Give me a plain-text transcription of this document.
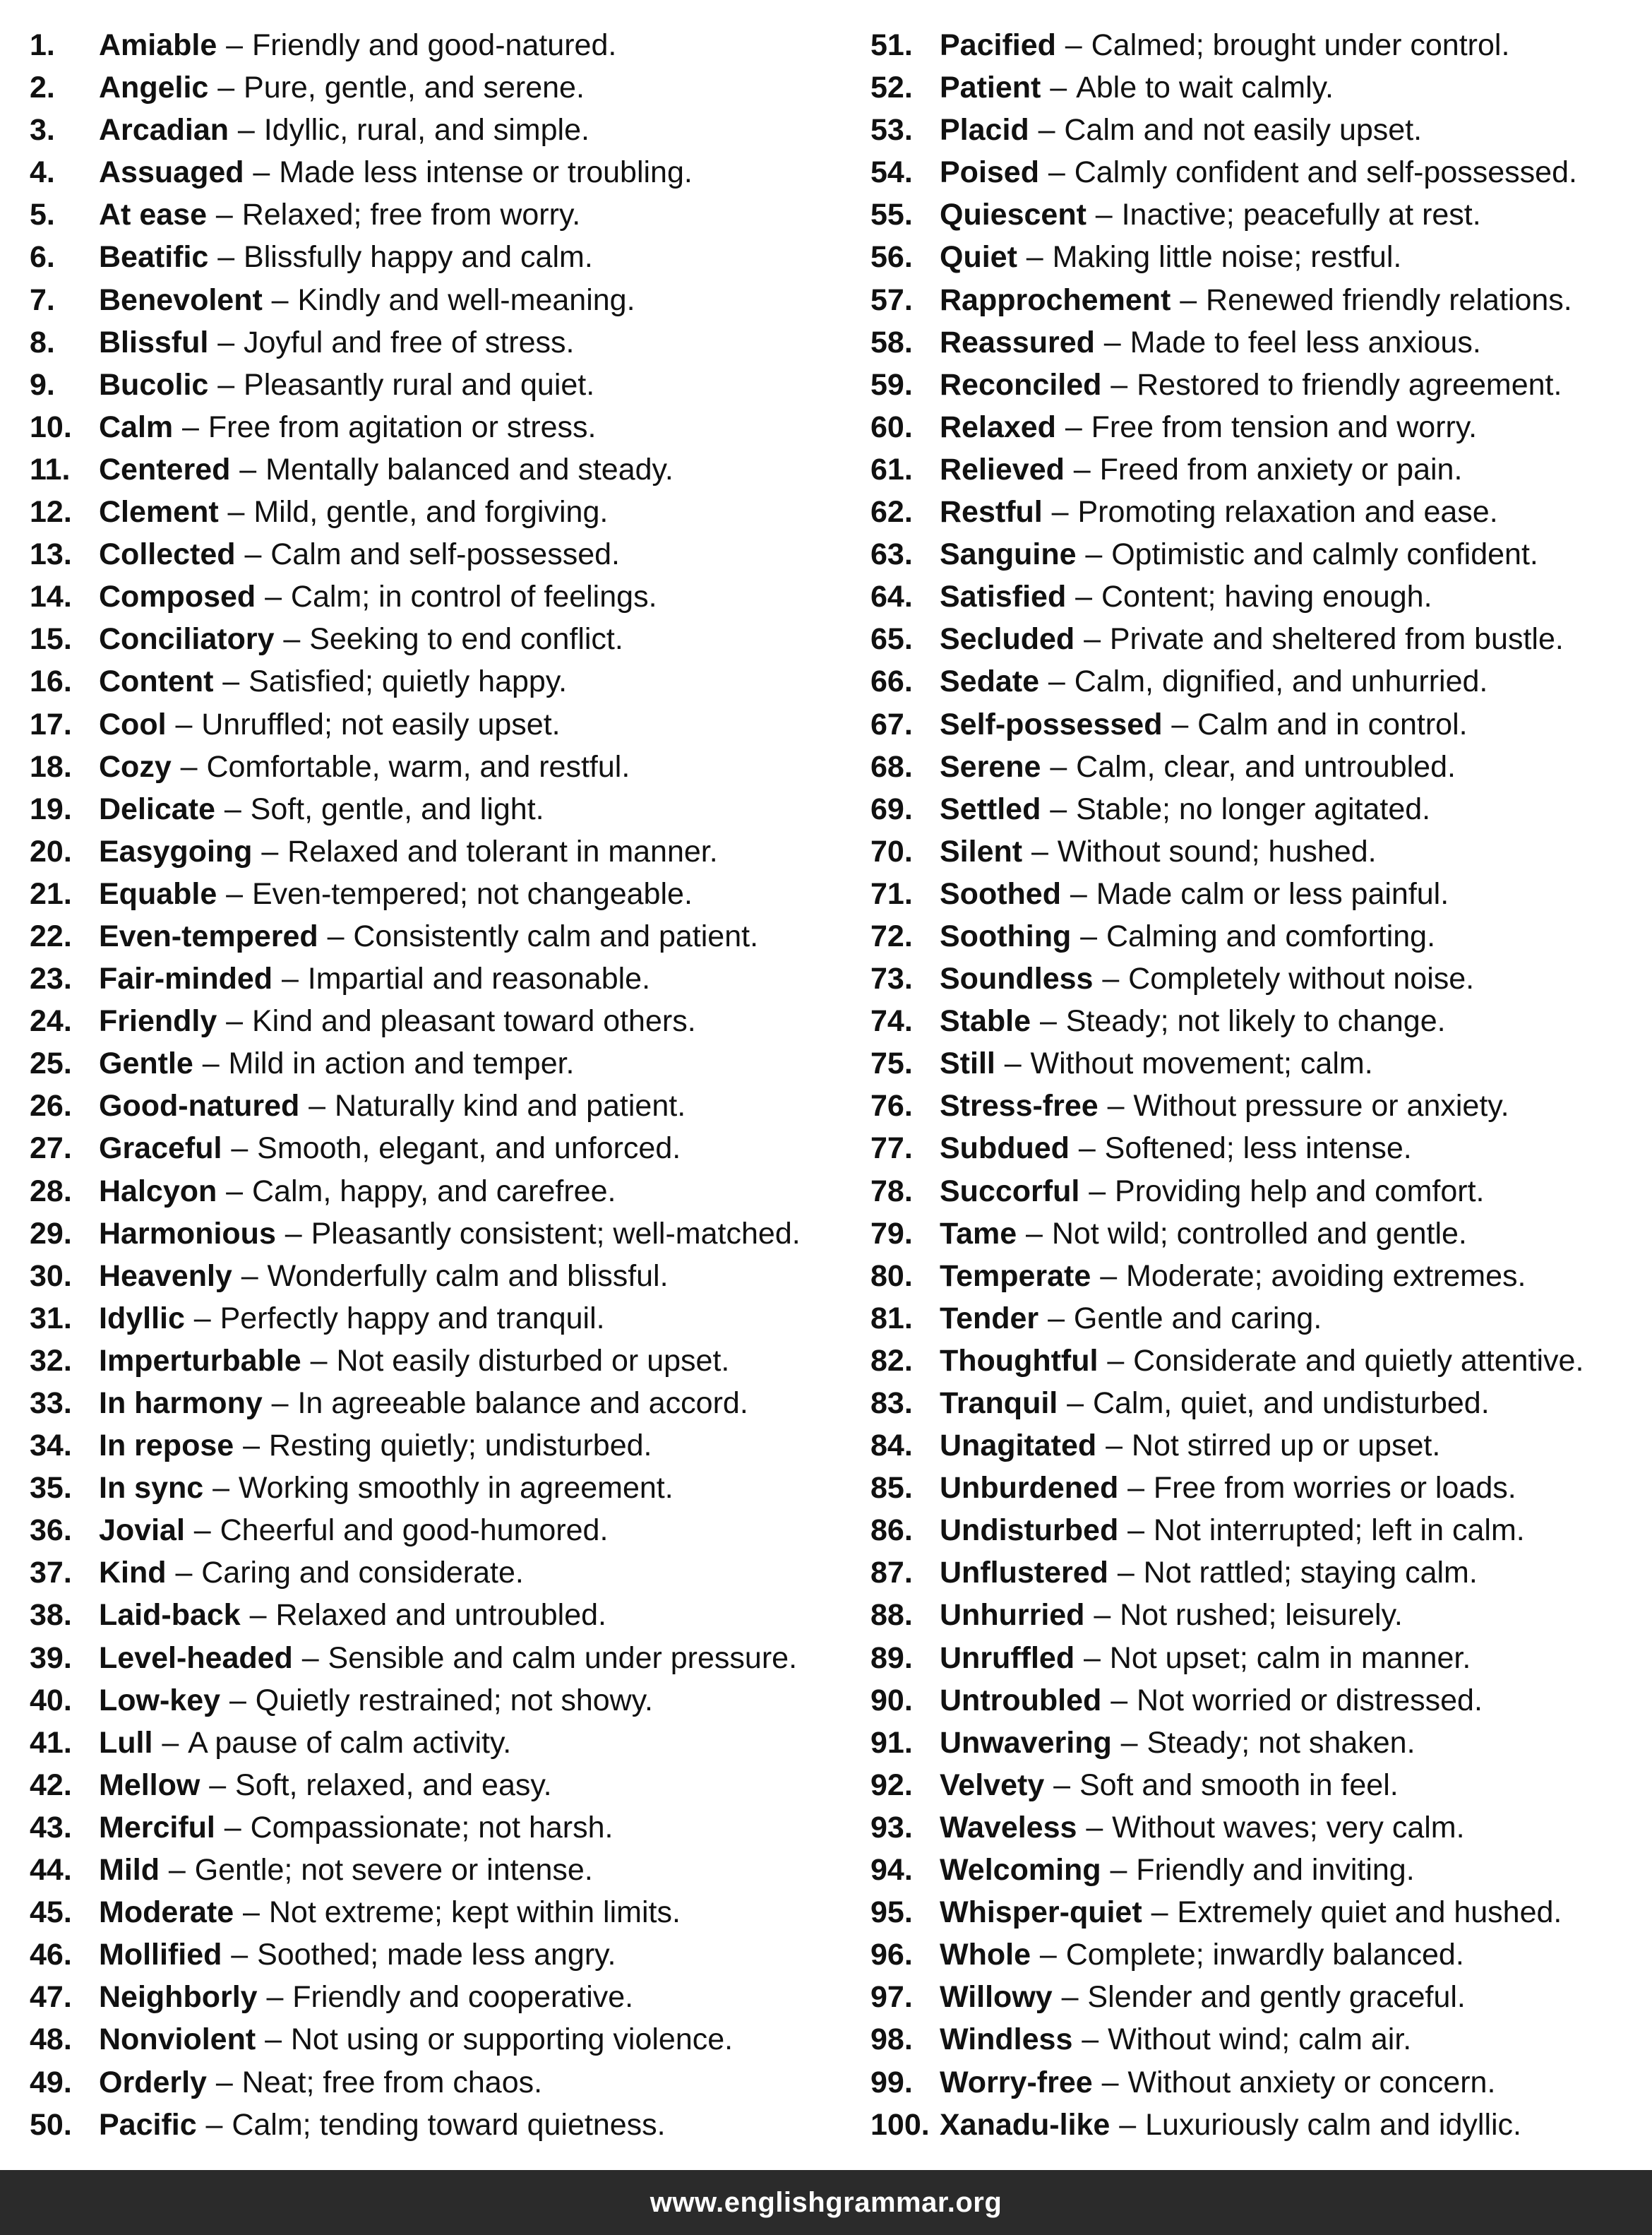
1.	Amiable – Friendly and good-natured.
2.	Angelic – Pure, gentle, and serene.
3.	Arcadian – Idyllic, rural, and simple.
4.	Assuaged – Made less intense or troubling.
5.	At ease – Relaxed; free from worry.
6.	Beatific – Blissfully happy and calm.
7.	Benevolent – Kindly and well-meaning.
8.	Blissful – Joyful and free of stress.
9.	Bucolic – Pleasantly rural and quiet.
10. Calm – Free from agitation or stress.
11. Centered – Mentally balanced and steady.
12. Clement – Mild, gentle, and forgiving.
13. Collected – Calm and self-possessed.
14. Composed – Calm; in control of feelings.
15. Conciliatory – Seeking to end conflict.
16. Content – Satisfied; quietly happy.
17. Cool – Unruffled; not easily upset.
18. Cozy – Comfortable, warm, and restful.
19. Delicate – Soft, gentle, and light.
20. Easygoing – Relaxed and tolerant in manner.
21. Equable – Even-tempered; not changeable.
22. Even-tempered – Consistently calm and patient.
23. Fair-minded – Impartial and reasonable.
24. Friendly – Kind and pleasant toward others.
25. Gentle – Mild in action and temper.
26. Good-natured – Naturally kind and patient.
27. Graceful – Smooth, elegant, and unforced.
28. Halcyon – Calm, happy, and carefree.
29. Harmonious – Pleasantly consistent; well-matched.
30. Heavenly – Wonderfully calm and blissful.
31. Idyllic – Perfectly happy and tranquil.
32. Imperturbable – Not easily disturbed or upset.
33. In harmony – In agreeable balance and accord.
34. In repose – Resting quietly; undisturbed.
35. In sync – Working smoothly in agreement.
36. Jovial – Cheerful and good-humored.
37. Kind – Caring and considerate.
38. Laid-back – Relaxed and untroubled.
39. Level-headed – Sensible and calm under pressure.
40. Low-key – Quietly restrained; not showy.
41. Lull – A pause of calm activity.
42. Mellow – Soft, relaxed, and easy.
43. Merciful – Compassionate; not harsh.
44. Mild – Gentle; not severe or intense.
45. Moderate – Not extreme; kept within limits.
46. Mollified – Soothed; made less angry.
47. Neighborly – Friendly and cooperative.
48. Nonviolent – Not using or supporting violence.
49. Orderly – Neat; free from chaos.
50. Pacific – Calm; tending toward quietness.
51. Pacified – Calmed; brought under control.
52. Patient – Able to wait calmly.
53. Placid – Calm and not easily upset.
54. Poised – Calmly confident and self-possessed.
55. Quiescent – Inactive; peacefully at rest.
56. Quiet – Making little noise; restful.
57. Rapprochement – Renewed friendly relations.
58. Reassured – Made to feel less anxious.
59. Reconciled – Restored to friendly agreement.
60. Relaxed – Free from tension and worry.
61. Relieved – Freed from anxiety or pain.
62. Restful – Promoting relaxation and ease.
63. Sanguine – Optimistic and calmly confident.
64. Satisfied – Content; having enough.
65. Secluded – Private and sheltered from bustle.
66. Sedate – Calm, dignified, and unhurried.
67. Self-possessed – Calm and in control.
68. Serene – Calm, clear, and untroubled.
69. Settled – Stable; no longer agitated.
70. Silent – Without sound; hushed.
71. Soothed – Made calm or less painful.
72. Soothing – Calming and comforting.
73. Soundless – Completely without noise.
74. Stable – Steady; not likely to change.
75. Still – Without movement; calm.
76. Stress-free – Without pressure or anxiety.
77. Subdued – Softened; less intense.
78. Succorful – Providing help and comfort.
79. Tame – Not wild; controlled and gentle.
80. Temperate – Moderate; avoiding extremes.
81. Tender – Gentle and caring.
82. Thoughtful – Considerate and quietly attentive.
83. Tranquil – Calm, quiet, and undisturbed.
84. Unagitated – Not stirred up or upset.
85. Unburdened – Free from worries or loads.
86. Undisturbed – Not interrupted; left in calm.
87. Unflustered – Not rattled; staying calm.
88. Unhurried – Not rushed; leisurely.
89. Unruffled – Not upset; calm in manner.
90. Untroubled – Not worried or distressed.
91. Unwavering – Steady; not shaken.
92. Velvety – Soft and smooth in feel.
93. Waveless – Without waves; very calm.
94. Welcoming – Friendly and inviting.
95. Whisper-quiet – Extremely quiet and hushed.
96. Whole – Complete; inwardly balanced.
97. Willowy – Slender and gently graceful.
98. Windless – Without wind; calm air.
99. Worry-free – Without anxiety or concern.
100. Xanadu-like – Luxuriously calm and idyllic.
www.englishgrammar.org
